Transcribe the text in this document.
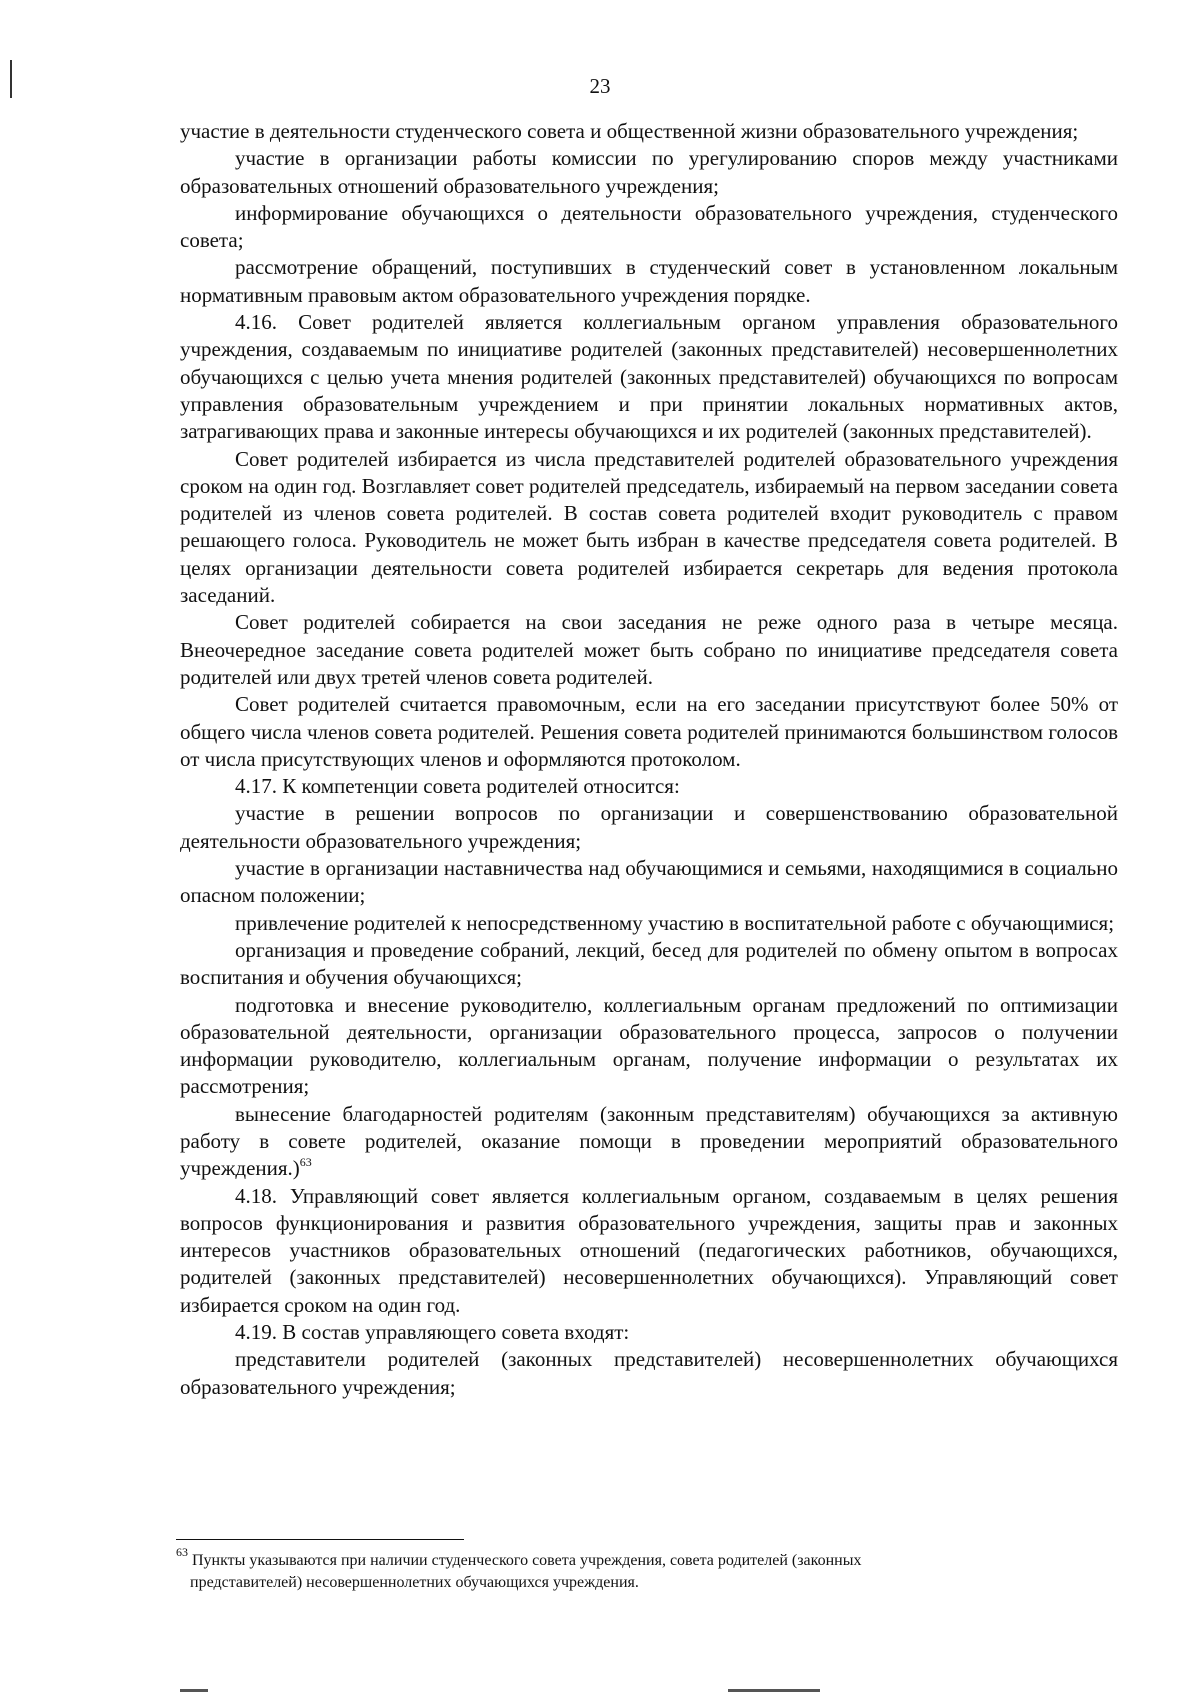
23

участие в деятельности студенческого совета и общественной жизни образовательного учреждения;

участие в организации работы комиссии по урегулированию споров между участниками образовательных отношений образовательного учреждения;

информирование обучающихся о деятельности образовательного учреждения, студенческого совета;

рассмотрение обращений, поступивших в студенческий совет в установленном локальным нормативным правовым актом образовательного учреждения порядке.

4.16. Совет родителей является коллегиальным органом управления образовательного учреждения, создаваемым по инициативе родителей (законных представителей) несовершеннолетних обучающихся с целью учета мнения родителей (законных представителей) обучающихся по вопросам управления образовательным учреждением и при принятии локальных нормативных актов, затрагивающих права и законные интересы обучающихся и их родителей (законных представителей).

Совет родителей избирается из числа представителей родителей образовательного учреждения сроком на один год. Возглавляет совет родителей председатель, избираемый на первом заседании совета родителей из членов совета родителей. В состав совета родителей входит руководитель с правом решающего голоса. Руководитель не может быть избран в качестве председателя совета родителей. В целях организации деятельности совета родителей избирается секретарь для ведения протокола заседаний.

Совет родителей собирается на свои заседания не реже одного раза в четыре месяца. Внеочередное заседание совета родителей может быть собрано по инициативе председателя совета родителей или двух третей членов совета родителей.

Совет родителей считается правомочным, если на его заседании присутствуют более 50% от общего числа членов совета родителей. Решения совета родителей принимаются большинством голосов от числа присутствующих членов и оформляются протоколом.

4.17. К компетенции совета родителей относится:

участие в решении вопросов по организации и совершенствованию образовательной деятельности образовательного учреждения;

участие в организации наставничества над обучающимися и семьями, находящимися в социально опасном положении;

привлечение родителей к непосредственному участию в воспитательной работе с обучающимися;

организация и проведение собраний, лекций, бесед для родителей по обмену опытом в вопросах воспитания и обучения обучающихся;

подготовка и внесение руководителю, коллегиальным органам предложений по оптимизации образовательной деятельности, организации образовательного процесса, запросов о получении информации руководителю, коллегиальным органам, получение информации о результатах их рассмотрения;

вынесение благодарностей родителям (законным представителям) обучающихся за активную работу в совете родителей, оказание помощи в проведении мероприятий образовательного учреждения.)$^{63}$

4.18. Управляющий совет является коллегиальным органом, создаваемым в целях решения вопросов функционирования и развития образовательного учреждения, защиты прав и законных интересов участников образовательных отношений (педагогических работников, обучающихся, родителей (законных представителей) несовершеннолетних обучающихся). Управляющий совет избирается сроком на один год.

4.19. В состав управляющего совета входят:

представители родителей (законных представителей) несовершеннолетних обучающихся образовательного учреждения;

$^{63}$ Пункты указываются при наличии студенческого совета учреждения, совета родителей (законных
представителей) несовершеннолетних обучающихся учреждения.
